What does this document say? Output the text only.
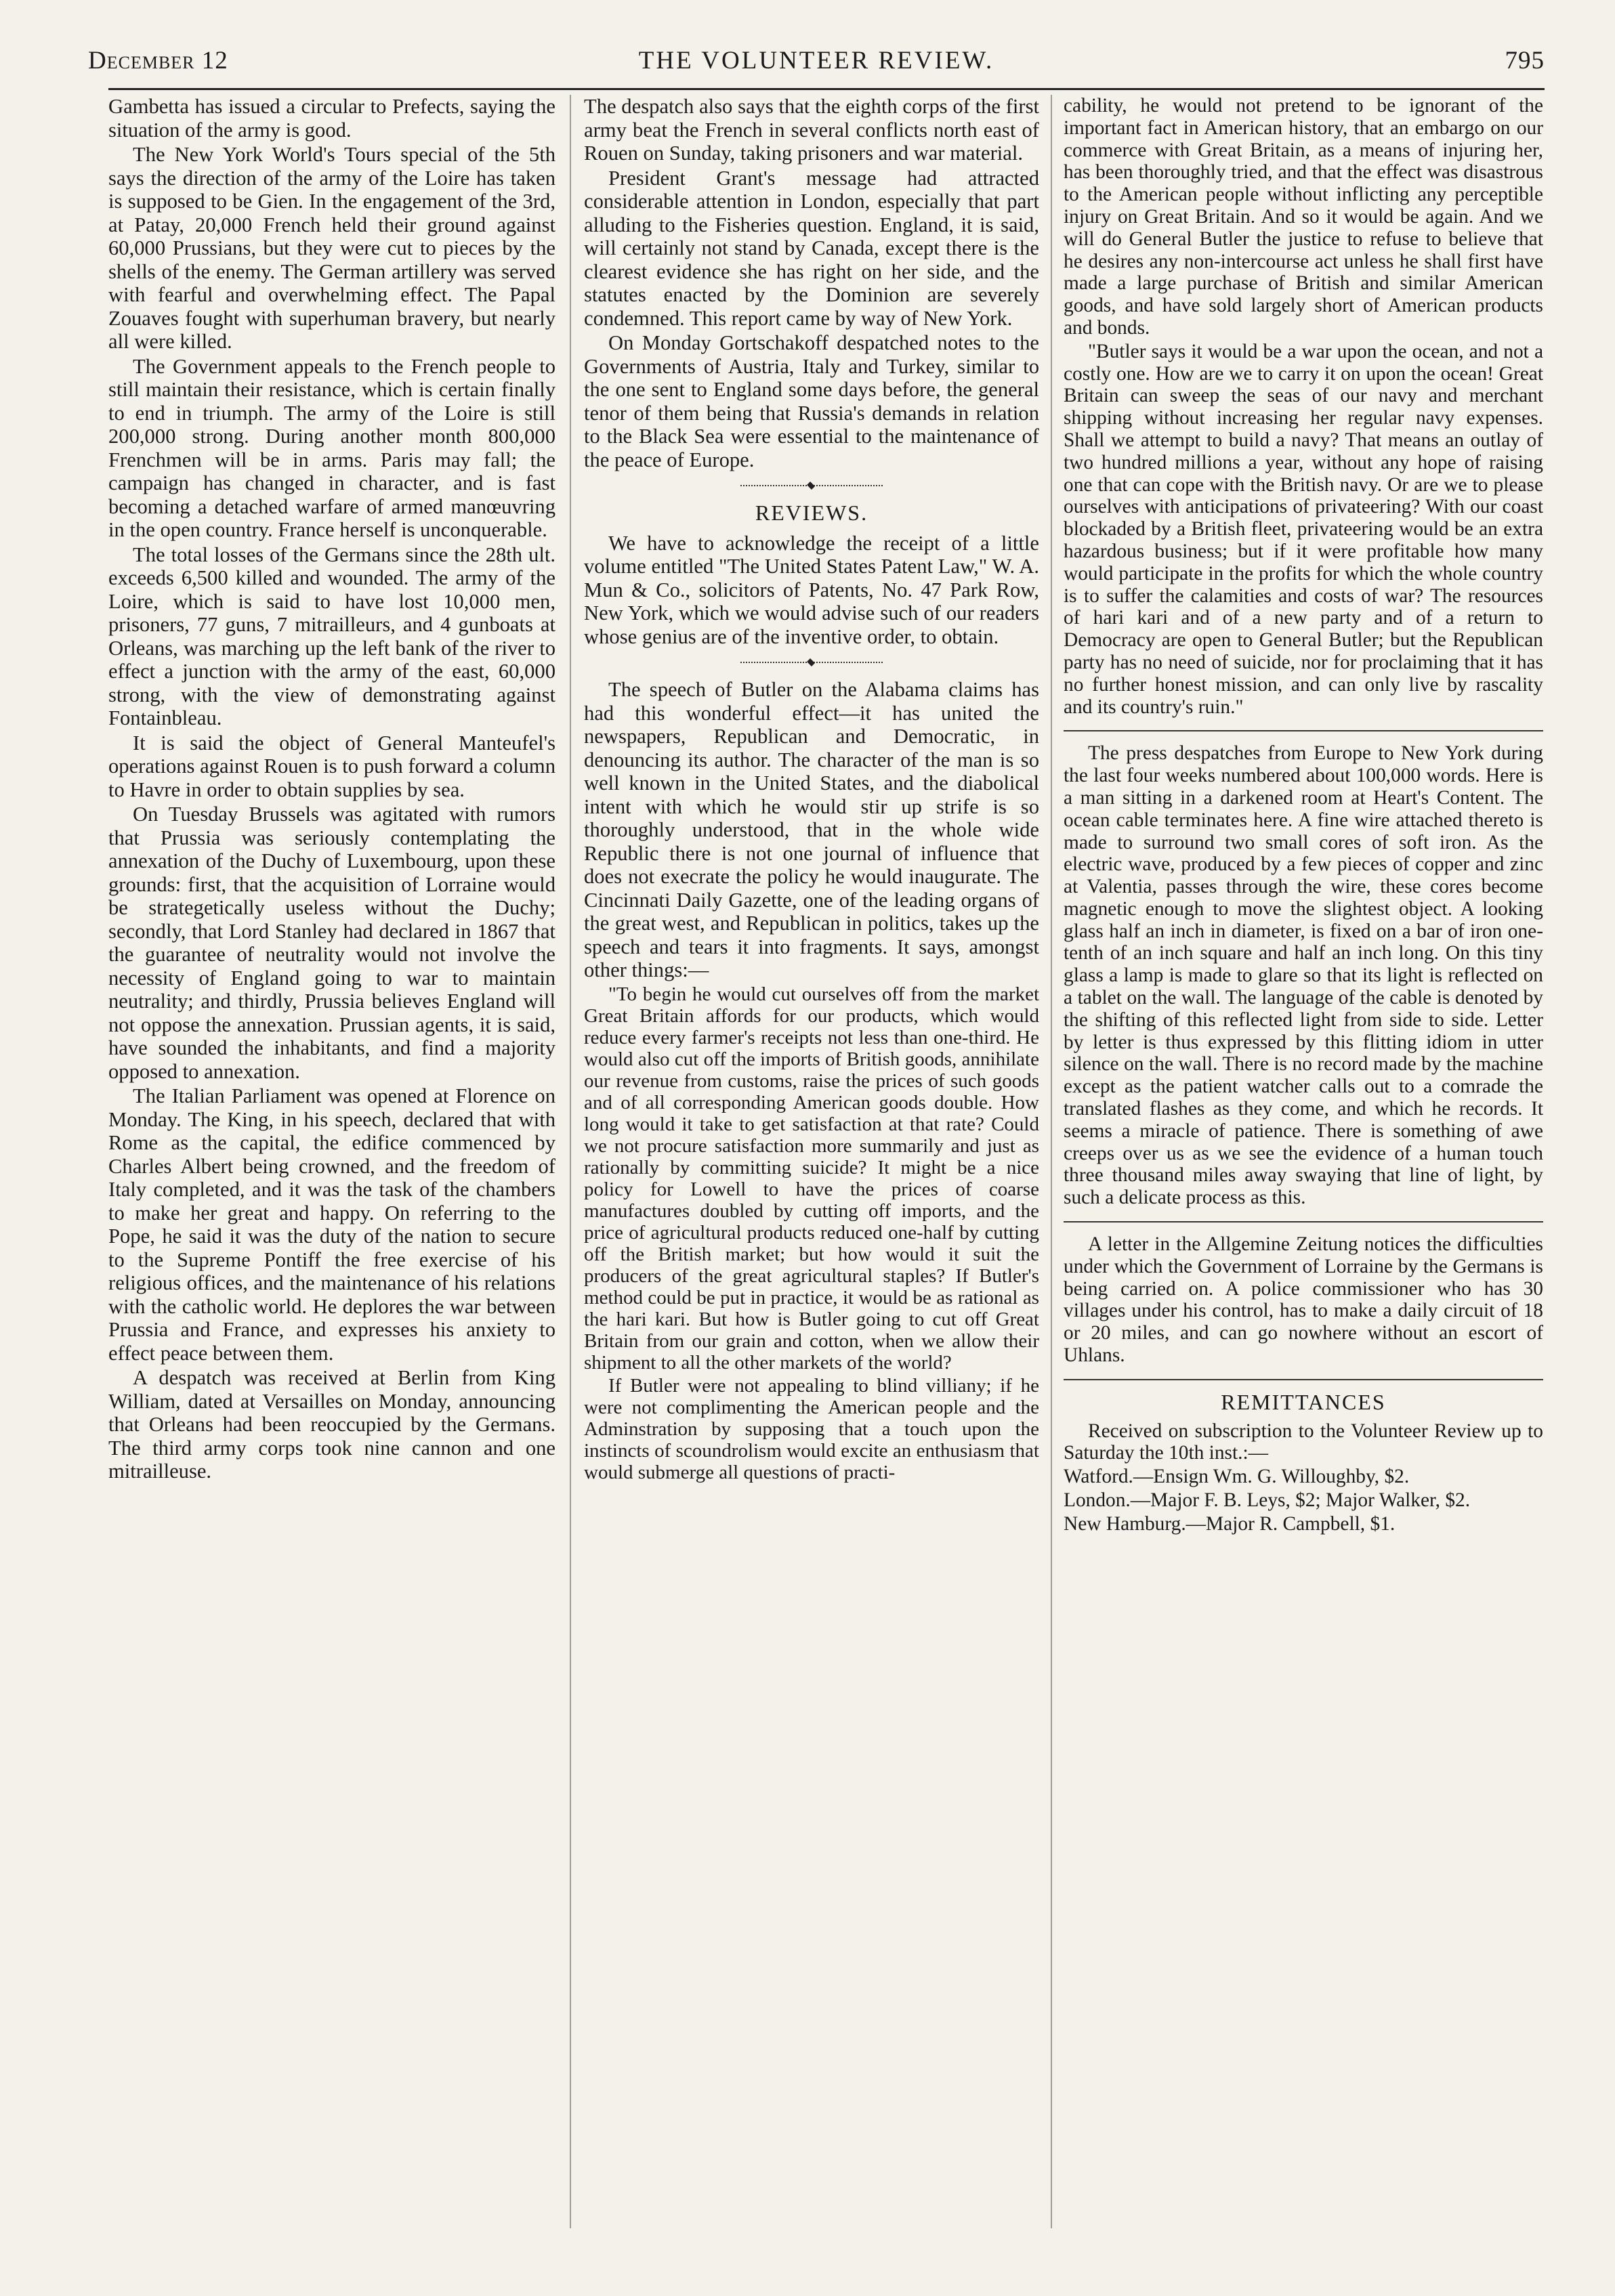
December 12	THE VOLUNTEER REVIEW.	795

Gambetta has issued a circular to Prefects, saying the situation of the army is good.

The New York World's Tours special of the 5th says the direction of the army of the Loire has taken is supposed to be Gien. In the engagement of the 3rd, at Patay, 20,000 French held their ground against 60,000 Prussians, but they were cut to pieces by the shells of the enemy. The German artillery was served with fearful and overwhelming effect. The Papal Zouaves fought with superhuman bravery, but nearly all were killed.

The Government appeals to the French people to still maintain their resistance, which is certain finally to end in triumph. The army of the Loire is still 200,000 strong. During another month 800,000 Frenchmen will be in arms. Paris may fall; the campaign has changed in character, and is fast becoming a detached warfare of armed manœuvring in the open country. France herself is unconquerable.

The total losses of the Germans since the 28th ult. exceeds 6,500 killed and wounded. The army of the Loire, which is said to have lost 10,000 men, prisoners, 77 guns, 7 mitrailleurs, and 4 gunboats at Orleans, was marching up the left bank of the river to effect a junction with the army of the east, 60,000 strong, with the view of demonstrating against Fontainbleau.

It is said the object of General Manteufel's operations against Rouen is to push forward a column to Havre in order to obtain supplies by sea.

On Tuesday Brussels was agitated with rumors that Prussia was seriously contemplating the annexation of the Duchy of Luxembourg, upon these grounds: first, that the acquisition of Lorraine would be strategetically useless without the Duchy; secondly, that Lord Stanley had declared in 1867 that the guarantee of neutrality would not involve the necessity of England going to war to maintain neutrality; and thirdly, Prussia believes England will not oppose the annexation. Prussian agents, it is said, have sounded the inhabitants, and find a majority opposed to annexation.

The Italian Parliament was opened at Florence on Monday. The King, in his speech, declared that with Rome as the capital, the edifice commenced by Charles Albert being crowned, and the freedom of Italy completed, and it was the task of the chambers to make her great and happy. On referring to the Pope, he said it was the duty of the nation to secure to the Supreme Pontiff the free exercise of his religious offices, and the maintenance of his relations with the catholic world. He deplores the war between Prussia and France, and expresses his anxiety to effect peace between them.

A despatch was received at Berlin from King William, dated at Versailles on Monday, announcing that Orleans had been reoccupied by the Germans. The third army corps took nine cannon and one mitrailleuse.

The despatch also says that the eighth corps of the first army beat the French in several conflicts north east of Rouen on Sunday, taking prisoners and war material.

President Grant's message had attracted considerable attention in London, especially that part alluding to the Fisheries question. England, it is said, will certainly not stand by Canada, except there is the clearest evidence she has right on her side, and the statutes enacted by the Dominion are severely condemned. This report came by way of New York.

On Monday Gortschakoff despatched notes to the Governments of Austria, Italy and Turkey, similar to the one sent to England some days before, the general tenor of them being that Russia's demands in relation to the Black Sea were essential to the maintenance of the peace of Europe.

REVIEWS.

We have to acknowledge the receipt of a little volume entitled "The United States Patent Law," W. A. Mun & Co., solicitors of Patents, No. 47 Park Row, New York, which we would advise such of our readers whose genius are of the inventive order, to obtain.

The speech of Butler on the Alabama claims has had this wonderful effect—it has united the newspapers, Republican and Democratic, in denouncing its author. The character of the man is so well known in the United States, and the diabolical intent with which he would stir up strife is so thoroughly understood, that in the whole wide Republic there is not one journal of influence that does not execrate the policy he would inaugurate. The Cincinnati Daily Gazette, one of the leading organs of the great west, and Republican in politics, takes up the speech and tears it into fragments. It says, amongst other things:—

"To begin he would cut ourselves off from the market Great Britain affords for our products, which would reduce every farmer's receipts not less than one-third. He would also cut off the imports of British goods, annihilate our revenue from customs, raise the prices of such goods and of all corresponding American goods double. How long would it take to get satisfaction at that rate? Could we not procure satisfaction more summarily and just as rationally by committing suicide? It might be a nice policy for Lowell to have the prices of coarse manufactures doubled by cutting off imports, and the price of agricultural products reduced one-half by cutting off the British market; but how would it suit the producers of the great agricultural staples? If Butler's method could be put in practice, it would be as rational as the hari kari. But how is Butler going to cut off Great Britain from our grain and cotton, when we allow their shipment to all the other markets of the world?

If Butler were not appealing to blind villiany; if he were not complimenting the American people and the Adminstration by supposing that a touch upon the instincts of scoundrolism would excite an enthusiasm that would submerge all questions of practi-

cability, he would not pretend to be ignorant of the important fact in American history, that an embargo on our commerce with Great Britain, as a means of injuring her, has been thoroughly tried, and that the effect was disastrous to the American people without inflicting any perceptible injury on Great Britain. And so it would be again. And we will do General Butler the justice to refuse to believe that he desires any non-intercourse act unless he shall first have made a large purchase of British and similar American goods, and have sold largely short of American products and bonds.

"Butler says it would be a war upon the ocean, and not a costly one. How are we to carry it on upon the ocean! Great Britain can sweep the seas of our navy and merchant shipping without increasing her regular navy expenses. Shall we attempt to build a navy? That means an outlay of two hundred millions a year, without any hope of raising one that can cope with the British navy. Or are we to please ourselves with anticipations of privateering? With our coast blockaded by a British fleet, privateering would be an extra hazardous business; but if it were profitable how many would participate in the profits for which the whole country is to suffer the calamities and costs of war? The resources of hari kari and of a new party and of a return to Democracy are open to General Butler; but the Republican party has no need of suicide, nor for proclaiming that it has no further honest mission, and can only live by rascality and its country's ruin."

The press despatches from Europe to New York during the last four weeks numbered about 100,000 words. Here is a man sitting in a darkened room at Heart's Content. The ocean cable terminates here. A fine wire attached thereto is made to surround two small cores of soft iron. As the electric wave, produced by a few pieces of copper and zinc at Valentia, passes through the wire, these cores become magnetic enough to move the slightest object. A looking glass half an inch in diameter, is fixed on a bar of iron one-tenth of an inch square and half an inch long. On this tiny glass a lamp is made to glare so that its light is reflected on a tablet on the wall. The language of the cable is denoted by the shifting of this reflected light from side to side. Letter by letter is thus expressed by this flitting idiom in utter silence on the wall. There is no record made by the machine except as the patient watcher calls out to a comrade the translated flashes as they come, and which he records. It seems a miracle of patience. There is something of awe creeps over us as we see the evidence of a human touch three thousand miles away swaying that line of light, by such a delicate process as this.

A letter in the Allgemine Zeitung notices the difficulties under which the Government of Lorraine by the Germans is being carried on. A police commissioner who has 30 villages under his control, has to make a daily circuit of 18 or 20 miles, and can go nowhere without an escort of Uhlans.

REMITTANCES

Received on subscription to the Volunteer Review up to Saturday the 10th inst.:—

Watford.—Ensign Wm. G. Willoughby, $2.

London.—Major F. B. Leys, $2; Major Walker, $2.

New Hamburg.—Major R. Campbell, $1.
